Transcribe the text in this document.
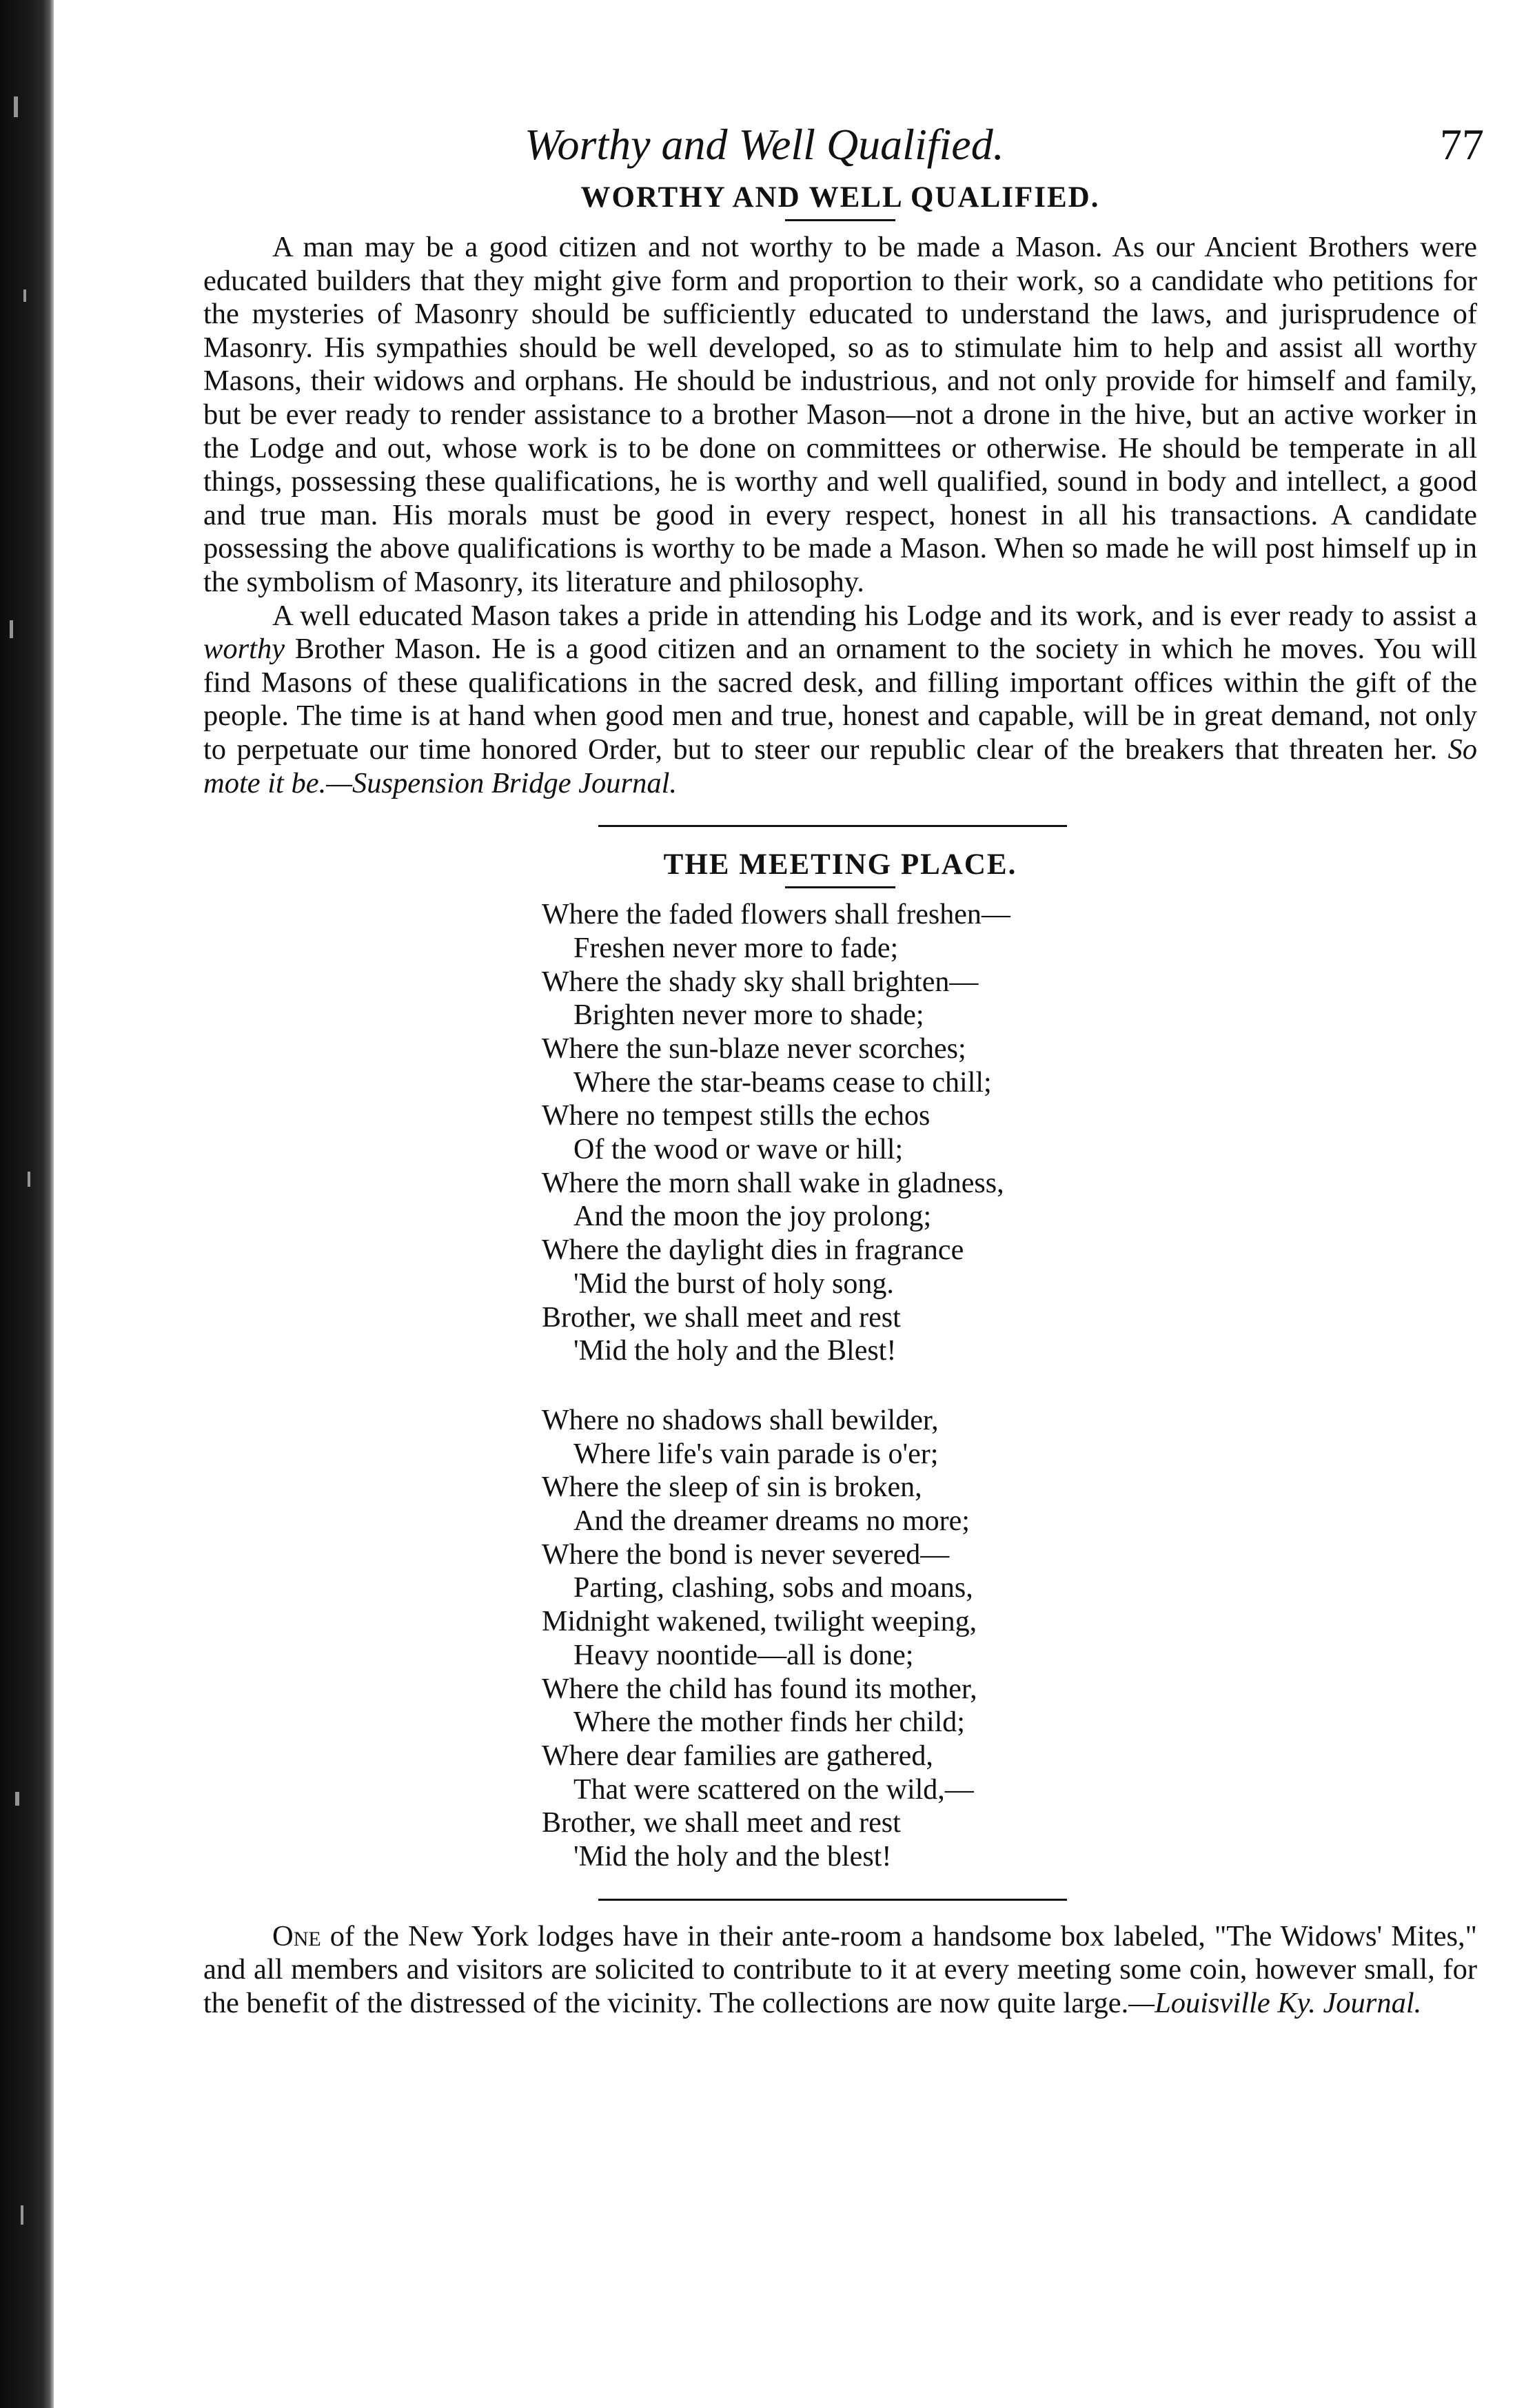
Worthy and Well Qualified.	77
WORTHY AND WELL QUALIFIED.

A man may be a good citizen and not worthy to be made a Mason. As our Ancient Brothers were educated builders that they might give form and proportion to their work, so a candidate who petitions for the mysteries of Masonry should be sufficiently educated to understand the laws, and jurisprudence of Masonry. His sympathies should be well developed, so as to stimulate him to help and assist all worthy Masons, their widows and orphans. He should be industrious, and not only provide for himself and family, but be ever ready to render assistance to a brother Mason—not a drone in the hive, but an active worker in the Lodge and out, whose work is to be done on committees or otherwise. He should be temperate in all things, possessing these qualifications, he is worthy and well qualified, sound in body and intellect, a good and true man. His morals must be good in every respect, honest in all his transactions. A candidate possessing the above qualifications is worthy to be made a Mason. When so made he will post himself up in the symbolism of Masonry, its literature and philosophy.

A well educated Mason takes a pride in attending his Lodge and its work, and is ever ready to assist a worthy Brother Mason. He is a good citizen and an ornament to the society in which he moves. You will find Masons of these qualifications in the sacred desk, and filling important offices within the gift of the people. The time is at hand when good men and true, honest and capable, will be in great demand, not only to perpetuate our time honored Order, but to steer our republic clear of the breakers that threaten her. So mote it be.—Suspension Bridge Journal.

THE MEETING PLACE.
Where the faded flowers shall freshen—
Freshen never more to fade;
Where the shady sky shall brighten—
Brighten never more to shade;
Where the sun-blaze never scorches;
Where the star-beams cease to chill;
Where no tempest stills the echos
Of the wood or wave or hill;
Where the morn shall wake in gladness,
And the moon the joy prolong;
Where the daylight dies in fragrance
'Mid the burst of holy song.
Brother, we shall meet and rest
'Mid the holy and the Blest!
Where no shadows shall bewilder,
Where life's vain parade is o'er;
Where the sleep of sin is broken,
And the dreamer dreams no more;
Where the bond is never severed—
Parting, clashing, sobs and moans,
Midnight wakened, twilight weeping,
Heavy noontide—all is done;
Where the child has found its mother,
Where the mother finds her child;
Where dear families are gathered,
That were scattered on the wild,—
Brother, we shall meet and rest
'Mid the holy and the blest!

One of the New York lodges have in their ante-room a handsome box labeled, "The Widows' Mites," and all members and visitors are solicited to contribute to it at every meeting some coin, however small, for the benefit of the distressed of the vicinity. The collections are now quite large.—Louisville Ky. Journal.
